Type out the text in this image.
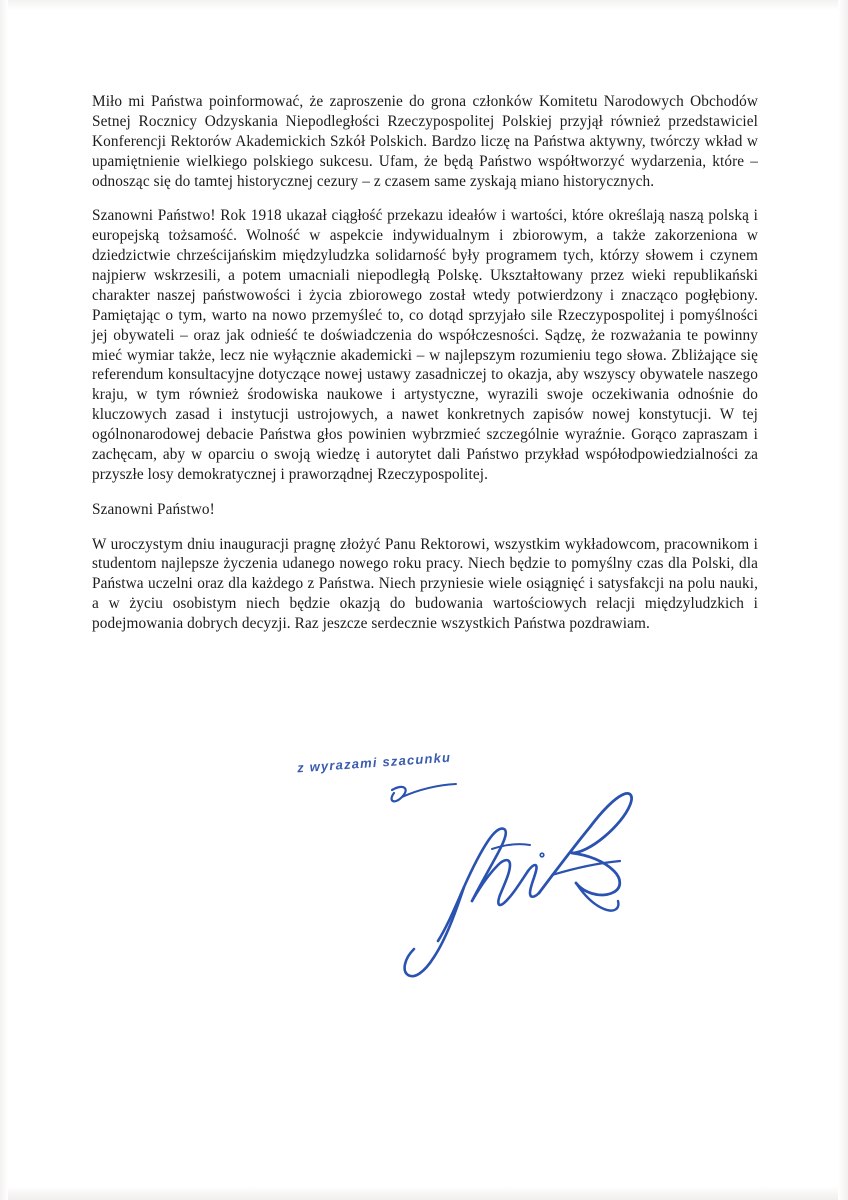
Miło mi Państwa poinformować, że zaproszenie do grona członków Komitetu Narodowych Obchodów Setnej Rocznicy Odzyskania Niepodległości Rzeczypospolitej Polskiej przyjął również przedstawiciel Konferencji Rektorów Akademickich Szkół Polskich. Bardzo liczę na Państwa aktywny, twórczy wkład w upamiętnienie wielkiego polskiego sukcesu. Ufam, że będą Państwo współtworzyć wydarzenia, które – odnosząc się do tamtej historycznej cezury – z czasem same zyskają miano historycznych.

Szanowni Państwo! Rok 1918 ukazał ciągłość przekazu ideałów i wartości, które określają naszą polską i europejską tożsamość. Wolność w aspekcie indywidualnym i zbiorowym, a także zakorzeniona w dziedzictwie chrześcijańskim międzyludzka solidarność były programem tych, którzy słowem i czynem najpierw wskrzesili, a potem umacniali niepodległą Polskę. Ukształtowany przez wieki republikański charakter naszej państwowości i życia zbiorowego został wtedy potwierdzony i znacząco pogłębiony. Pamiętając o tym, warto na nowo przemyśleć to, co dotąd sprzyjało sile Rzeczypospolitej i pomyślności jej obywateli – oraz jak odnieść te doświadczenia do współczesności. Sądzę, że rozważania te powinny mieć wymiar także, lecz nie wyłącznie akademicki – w najlepszym rozumieniu tego słowa. Zbliżające się referendum konsultacyjne dotyczące nowej ustawy zasadniczej to okazja, aby wszyscy obywatele naszego kraju, w tym również środowiska naukowe i artystyczne, wyrazili swoje oczekiwania odnośnie do kluczowych zasad i instytucji ustrojowych, a nawet konkretnych zapisów nowej konstytucji. W tej ogólnonarodowej debacie Państwa głos powinien wybrzmieć szczególnie wyraźnie. Gorąco zapraszam i zachęcam, aby w oparciu o swoją wiedzę i autorytet dali Państwo przykład współodpowiedzialności za przyszłe losy demokratycznej i praworządnej Rzeczypospolitej.

Szanowni Państwo!

W uroczystym dniu inauguracji pragnę złożyć Panu Rektorowi, wszystkim wykładowcom, pracownikom i studentom najlepsze życzenia udanego nowego roku pracy. Niech będzie to pomyślny czas dla Polski, dla Państwa uczelni oraz dla każdego z Państwa. Niech przyniesie wiele osiągnięć i satysfakcji na polu nauki, a w życiu osobistym niech będzie okazją do budowania wartościowych relacji międzyludzkich i podejmowania dobrych decyzji. Raz jeszcze serdecznie wszystkich Państwa pozdrawiam.

z wyrazami szacunku
